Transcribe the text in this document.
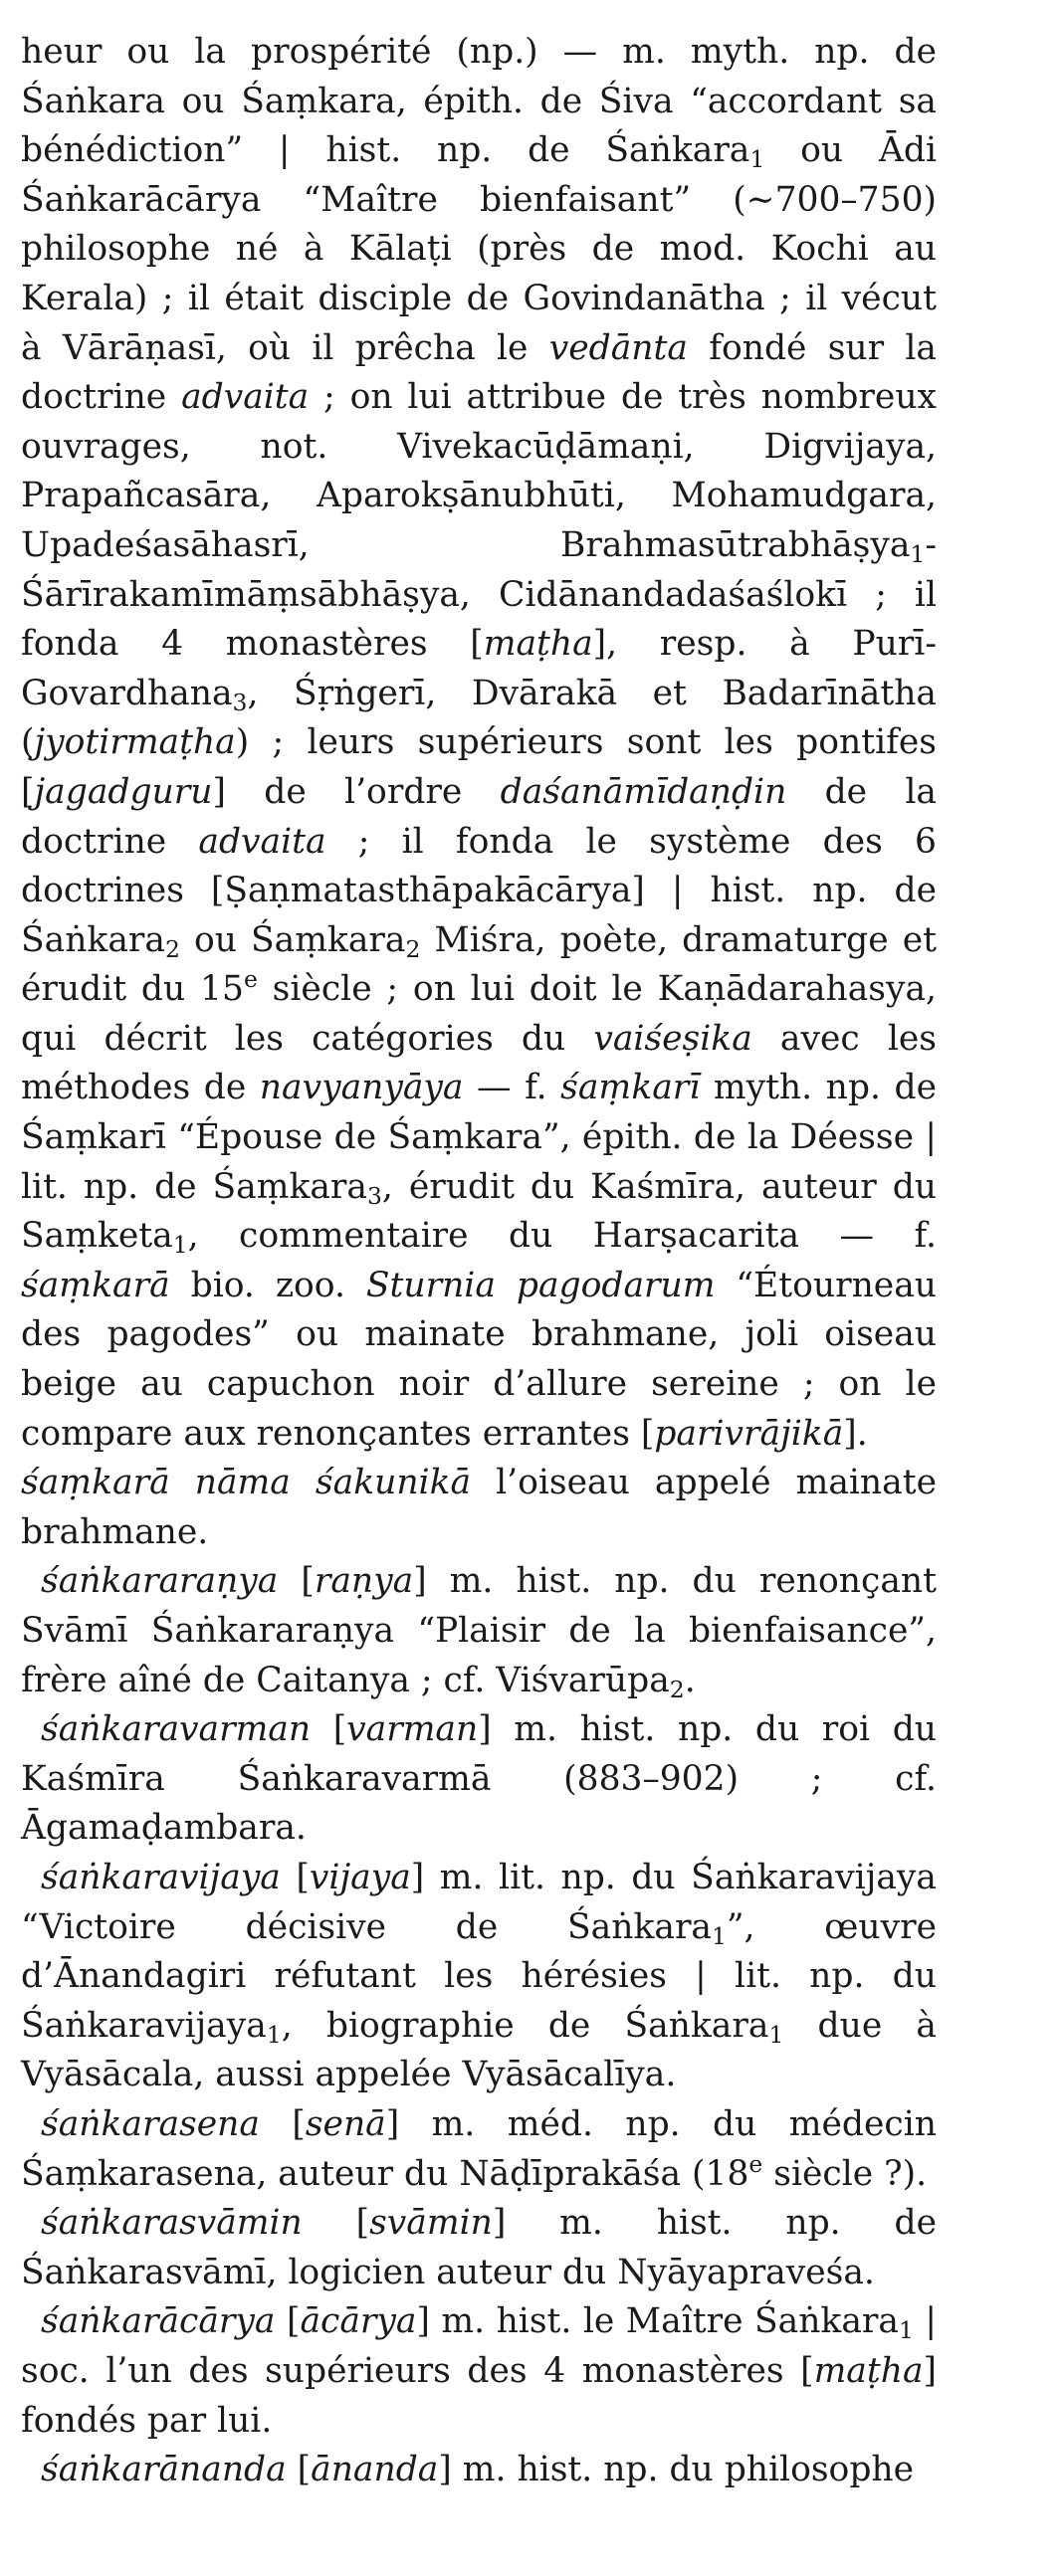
heur ou la prospérité (np.) — m. myth. np. de Śaṅkara ou Śaṃkara, épith. de Śiva “accordant sa bénédiction” | hist. np. de Śaṅkara$_1$ ou Ādi Śaṅkarācārya “Maître bienfaisant” (∼700–750) philosophe né à Kālaṭi (près de mod. Kochi au Kerala) ; il était disciple de Govindanātha ; il vécut à Vārāṇasī, où il prêcha le vedānta fondé sur la doctrine advaita ; on lui attribue de très nombreux ouvrages, not. Vivekacūḍāmaṇi, Digvijaya, Prapañcasāra, Aparokṣānubhūti, Mohamudgara, Upadeśasāhasrī, Brahmasūtrabhāṣya$_1$-Śārīrakamīmāṃsābhāṣya, Cidānandadaśaślokī ; il fonda 4 monastères [maṭha], resp. à Purī-Govardhana$_3$, Śṛṅgerī, Dvārakā et Badarīnātha (jyotirmaṭha) ; leurs supérieurs sont les pontifes [jagadguru] de l’ordre daśanāmīdaṇḍin de la doctrine advaita ; il fonda le système des 6 doctrines [Ṣaṇmatasthāpakācārya] | hist. np. de Śaṅkara$_2$ ou Śaṃkara$_2$ Miśra, poète, dramaturge et érudit du 15e siècle ; on lui doit le Kaṇādarahasya, qui décrit les catégories du vaiśeṣika avec les méthodes de navyanyāya — f. śaṃkarī myth. np. de Śaṃkarī “Épouse de Śaṃkara”, épith. de la Déesse | lit. np. de Śaṃkara$_3$, érudit du Kaśmīra, auteur du Saṃketa$_1$, commentaire du Harṣacarita — f. śaṃkarā bio. zoo. Sturnia pagodarum “Étourneau des pagodes” ou mainate brahmane, joli oiseau beige au capuchon noir d’allure sereine ; on le compare aux renonçantes errantes [parivrājikā].

śaṃkarā nāma śakunikā l’oiseau appelé mainate brahmane.

śaṅkararaṇya [raṇya] m. hist. np. du renonçant Svāmī Śaṅkararaṇya “Plaisir de la bienfaisance”, frère aîné de Caitanya ; cf. Viśvarūpa$_2$.

śaṅkaravarman [varman] m. hist. np. du roi du Kaśmīra Śaṅkaravarmā (883–902) ; cf. Āgamaḍambara.

śaṅkaravijaya [vijaya] m. lit. np. du Śaṅkaravijaya “Victoire décisive de Śaṅkara$_1$”, œuvre d’Ānandagiri réfutant les hérésies | lit. np. du Śaṅkaravijaya$_1$, biographie de Śaṅkara$_1$ due à Vyāsācala, aussi appelée Vyāsācalīya.

śaṅkarasena [senā] m. méd. np. du médecin Śaṃkarasena, auteur du Nāḍīprakāśa (18e siècle ?).

śaṅkarasvāmin [svāmin] m. hist. np. de Śaṅkarasvāmī, logicien auteur du Nyāyapraveśa.

śaṅkarācārya [ācārya] m. hist. le Maître Śaṅkara$_1$ | soc. l’un des supérieurs des 4 monastères [maṭha] fondés par lui.

śaṅkarānanda [ānanda] m. hist. np. du philosophe
